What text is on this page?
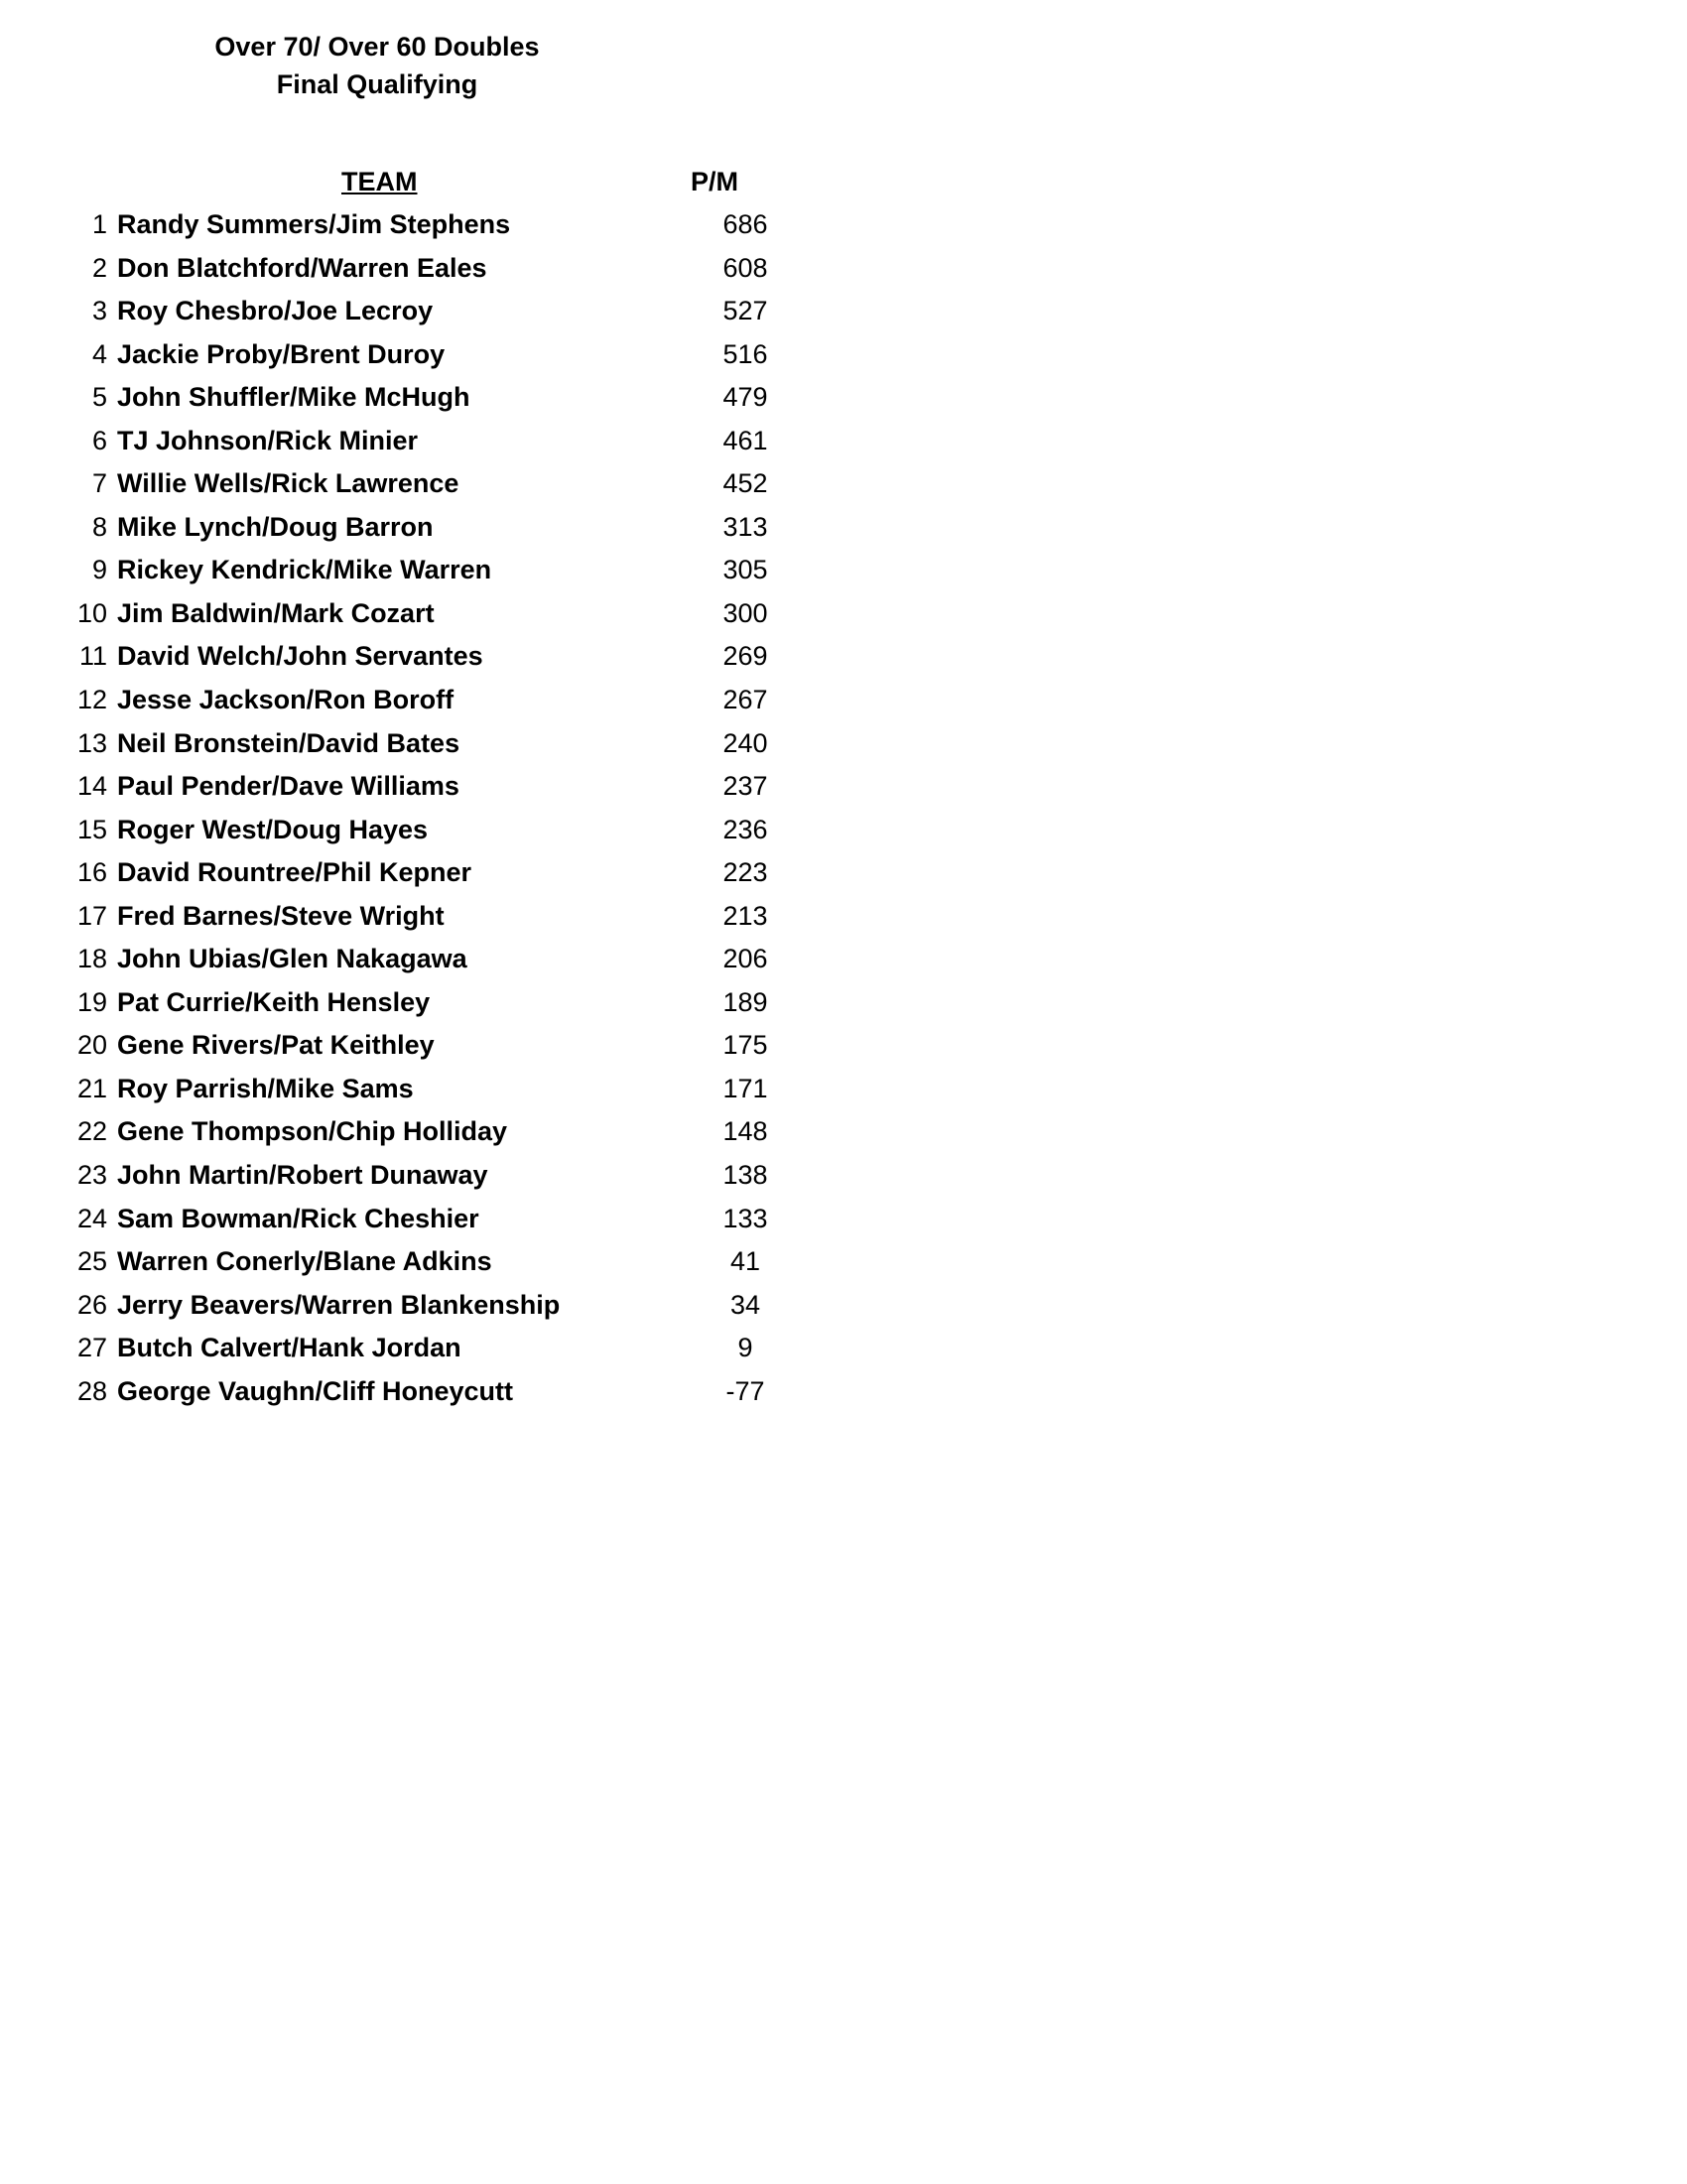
Over 70/ Over 60 Doubles
Final Qualifying
TEAM	P/M
1 Randy Summers/Jim Stephens	686
2 Don Blatchford/Warren Eales	608
3 Roy Chesbro/Joe Lecroy	527
4 Jackie Proby/Brent Duroy	516
5 John Shuffler/Mike McHugh	479
6 TJ Johnson/Rick Minier	461
7 Willie Wells/Rick Lawrence	452
8 Mike Lynch/Doug Barron	313
9 Rickey Kendrick/Mike Warren	305
10 Jim Baldwin/Mark Cozart	300
11 David Welch/John Servantes	269
12 Jesse Jackson/Ron Boroff	267
13 Neil Bronstein/David Bates	240
14 Paul Pender/Dave Williams	237
15 Roger West/Doug Hayes	236
16 David Rountree/Phil Kepner	223
17 Fred Barnes/Steve Wright	213
18 John Ubias/Glen Nakagawa	206
19 Pat Currie/Keith Hensley	189
20 Gene Rivers/Pat Keithley	175
21 Roy Parrish/Mike Sams	171
22 Gene Thompson/Chip Holliday	148
23 John Martin/Robert Dunaway	138
24 Sam Bowman/Rick Cheshier	133
25 Warren Conerly/Blane Adkins	41
26 Jerry Beavers/Warren Blankenship	34
27 Butch Calvert/Hank Jordan	9
28 George Vaughn/Cliff Honeycutt	-77
